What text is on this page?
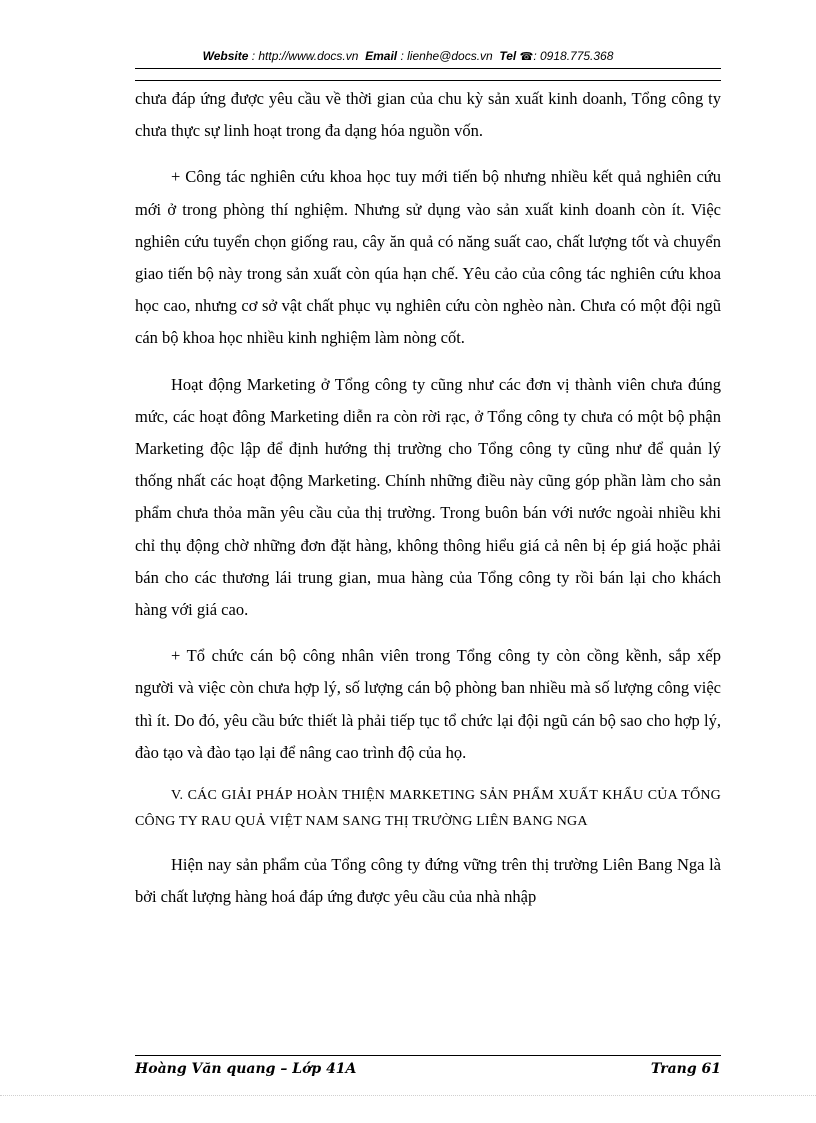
Website : http://www.docs.vn Email : lienhe@docs.vn Tel ☎: 0918.775.368

chưa đáp ứng được yêu cầu về thời gian của chu kỳ sản xuất kinh doanh, Tổng công ty chưa thực sự linh hoạt trong đa dạng hóa nguồn vốn.

+ Công tác nghiên cứu khoa học tuy mới tiến bộ nhưng nhiều kết quả nghiên cứu mới ở trong phòng thí nghiệm. Nhưng sử dụng vào sản xuất kinh doanh còn ít. Việc nghiên cứu tuyển chọn giống rau, cây ăn quả có năng suất cao, chất lượng tốt và chuyển giao tiến bộ này trong sản xuất còn qúa hạn chế. Yêu cảo của công tác nghiên cứu khoa học cao, nhưng cơ sở vật chất phục vụ nghiên cứu còn nghèo nàn. Chưa có một đội ngũ cán bộ khoa học nhiều kinh nghiệm làm nòng cốt.

Hoạt động Marketing ở Tổng công ty cũng như các đơn vị thành viên chưa đúng mức, các hoạt đông Marketing diễn ra còn rời rạc, ở Tổng công ty chưa có một bộ phận Marketing độc lập để định hướng thị trường cho Tổng công ty cũng như để quản lý thống nhất các hoạt động Marketing. Chính những điều này cũng góp phần làm cho sản phẩm chưa thỏa mãn yêu cầu của thị trường. Trong buôn bán với nước ngoài nhiều khi chỉ thụ động chờ những đơn đặt hàng, không thông hiểu giá cả nên bị ép giá hoặc phải bán cho các thương lái trung gian, mua hàng của Tổng công ty rồi bán lại cho khách hàng với giá cao.

+ Tổ chức cán bộ công nhân viên trong Tổng công ty còn cồng kềnh, sắp xếp người và việc còn chưa hợp lý, số lượng cán bộ phòng ban nhiều mà số lượng công việc thì ít. Do đó, yêu cầu bức thiết là phải tiếp tục tổ chức lại đội ngũ cán bộ sao cho hợp lý, đào tạo và đào tạo lại để nâng cao trình độ của họ.

V. CÁC GIẢI PHÁP HOÀN THIỆN MARKETING SẢN PHẨM XUẤT KHẨU CỦA TỔNG CÔNG TY RAU QUẢ VIỆT NAM SANG THỊ TRƯỜNG LIÊN BANG NGA

Hiện nay sản phẩm của Tổng công ty đứng vững trên thị trường Liên Bang Nga là bởi chất lượng hàng hoá đáp ứng được yêu cầu của nhà nhập

Hoàng Văn quang – Lớp 41A	Trang 61
